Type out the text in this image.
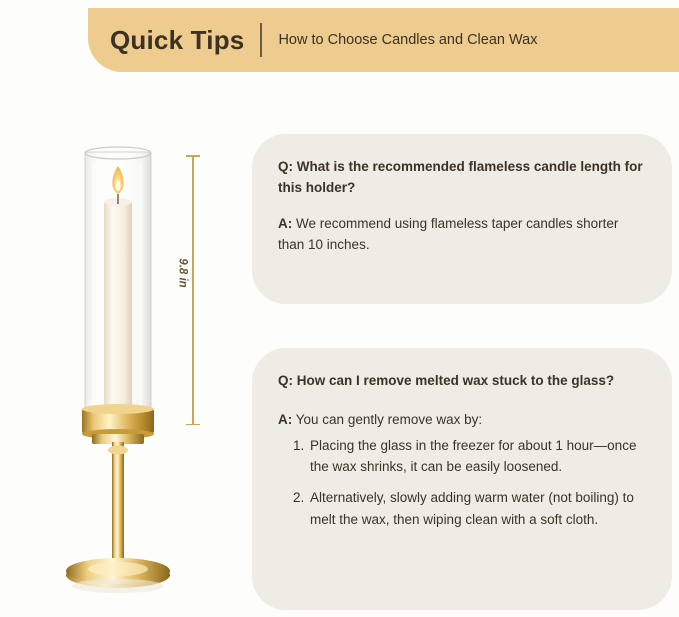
Quick Tips How to Choose Candles and Clean Wax
9.8 in

Q: What is the recommended flameless candle length for this holder?

A: We recommend using flameless taper candles shorter than 10 inches.

Q: How can I remove melted wax stuck to the glass?

A: You can gently remove wax by:

1. Placing the glass in the freezer for about 1 hour—once the wax shrinks, it can be easily loosened.
2. Alternatively, slowly adding warm water (not boiling) to melt the wax, then wiping clean with a soft cloth.
